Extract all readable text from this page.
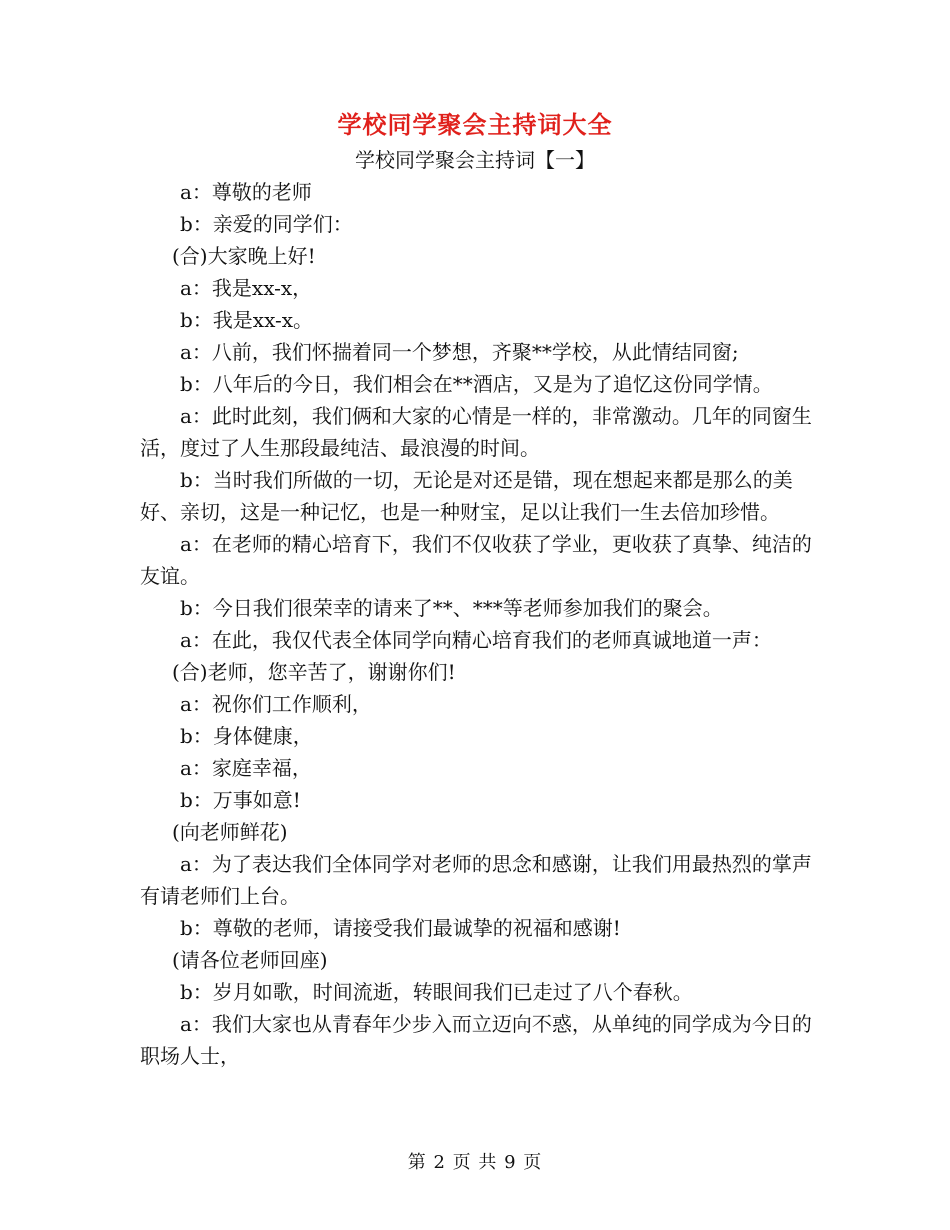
学校同学聚会主持词大全
学校同学聚会主持词【一】

a：尊敬的老师

b：亲爱的同学们：

(合)大家晚上好!

a：我是xx-x，

b：我是xx-x。

a：八前，我们怀揣着同一个梦想，齐聚**学校，从此情结同窗;

b：八年后的今日，我们相会在**酒店，又是为了追忆这份同学情。

a：此时此刻，我们俩和大家的心情是一样的，非常激动。几年的同窗生活，度过了人生那段最纯洁、最浪漫的时间。

b：当时我们所做的一切，无论是对还是错，现在想起来都是那么的美好、亲切，这是一种记忆，也是一种财宝，足以让我们一生去倍加珍惜。

a：在老师的精心培育下，我们不仅收获了学业，更收获了真挚、纯洁的友谊。

b：今日我们很荣幸的请来了**、***等老师参加我们的聚会。

a：在此，我仅代表全体同学向精心培育我们的老师真诚地道一声：

(合)老师，您辛苦了，谢谢你们!

a：祝你们工作顺利，

b：身体健康，

a：家庭幸福，

b：万事如意!

(向老师鲜花)

a：为了表达我们全体同学对老师的思念和感谢，让我们用最热烈的掌声有请老师们上台。

b：尊敬的老师，请接受我们最诚挚的祝福和感谢!

(请各位老师回座)

b：岁月如歌，时间流逝，转眼间我们已走过了八个春秋。

a：我们大家也从青春年少步入而立迈向不惑，从单纯的同学成为今日的职场人士，

第 2 页 共 9 页
